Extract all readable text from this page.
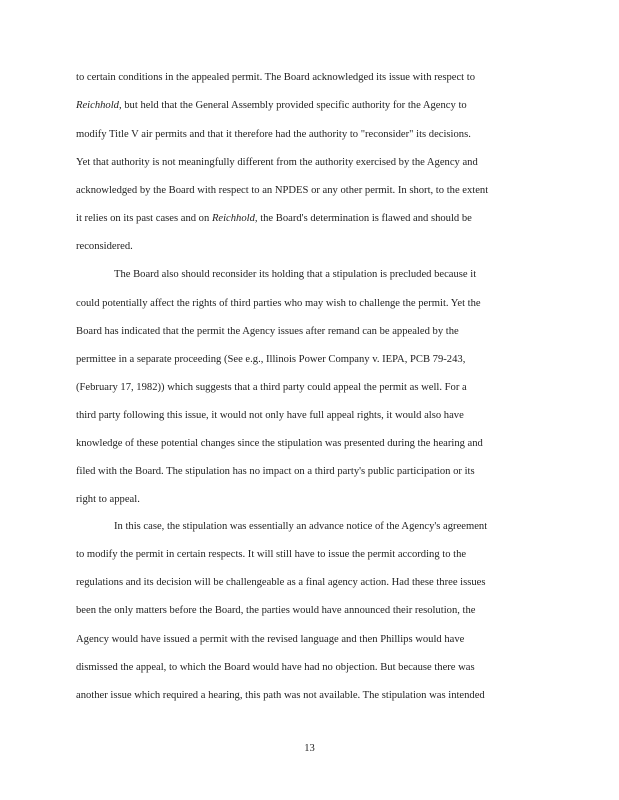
to certain conditions in the appealed permit. The Board acknowledged its issue with respect to
Reichhold, but held that the General Assembly provided specific authority for the Agency to
modify Title V air permits and that it therefore had the authority to "reconsider" its decisions.
Yet that authority is not meaningfully different from the authority exercised by the Agency and
acknowledged by the Board with respect to an NPDES or any other permit. In short, to the extent
it relies on its past cases and on Reichhold, the Board's determination is flawed and should be
reconsidered.
The Board also should reconsider its holding that a stipulation is precluded because it
could potentially affect the rights of third parties who may wish to challenge the permit. Yet the
Board has indicated that the permit the Agency issues after remand can be appealed by the
permittee in a separate proceeding (See e.g., Illinois Power Company v. IEPA, PCB 79-243,
(February 17, 1982)) which suggests that a third party could appeal the permit as well. For a
third party following this issue, it would not only have full appeal rights, it would also have
knowledge of these potential changes since the stipulation was presented during the hearing and
filed with the Board. The stipulation has no impact on a third party's public participation or its
right to appeal.
In this case, the stipulation was essentially an advance notice of the Agency's agreement
to modify the permit in certain respects. It will still have to issue the permit according to the
regulations and its decision will be challengeable as a final agency action. Had these three issues
been the only matters before the Board, the parties would have announced their resolution, the
Agency would have issued a permit with the revised language and then Phillips would have
dismissed the appeal, to which the Board would have had no objection. But because there was
another issue which required a hearing, this path was not available. The stipulation was intended
13
